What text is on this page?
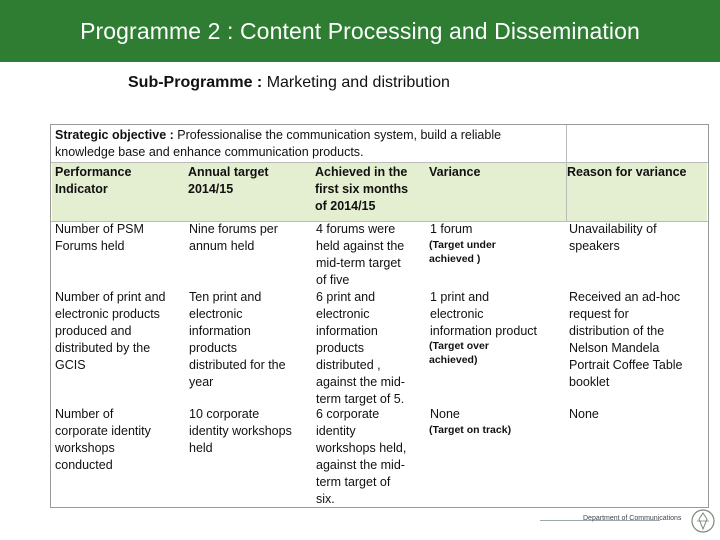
Programme 2 : Content Processing and Dissemination
Sub-Programme : Marketing and distribution
Strategic objective : Professionalise the communication system, build a reliable
knowledge base and enhance communication products.
Performance
Indicator
Annual target
2014/15
Achieved in the
first six months
of 2014/15
Variance	Reason for variance
Number of PSM
Forums held
Nine forums per
annum held
4 forums were
held against the
mid-term target
of five
1 forum
(Target under
achieved )
Unavailability of
speakers
Number of print and
electronic products
produced and
distributed by the
GCIS
Ten print and
electronic
information
products
distributed for the
year
6 print and
electronic
information
products
distributed ,
against the mid-
term target of 5.
1 print and
electronic
information product
(Target over
achieved)
Received an ad-hoc
request for
distribution of the
Nelson Mandela
Portrait Coffee Table
booklet
Number of
corporate identity
workshops
conducted
10 corporate
identity workshops
held
6 corporate
identity
workshops held,
against the mid-
term target of
six.
None
(Target on track)
None
Department of Communications
